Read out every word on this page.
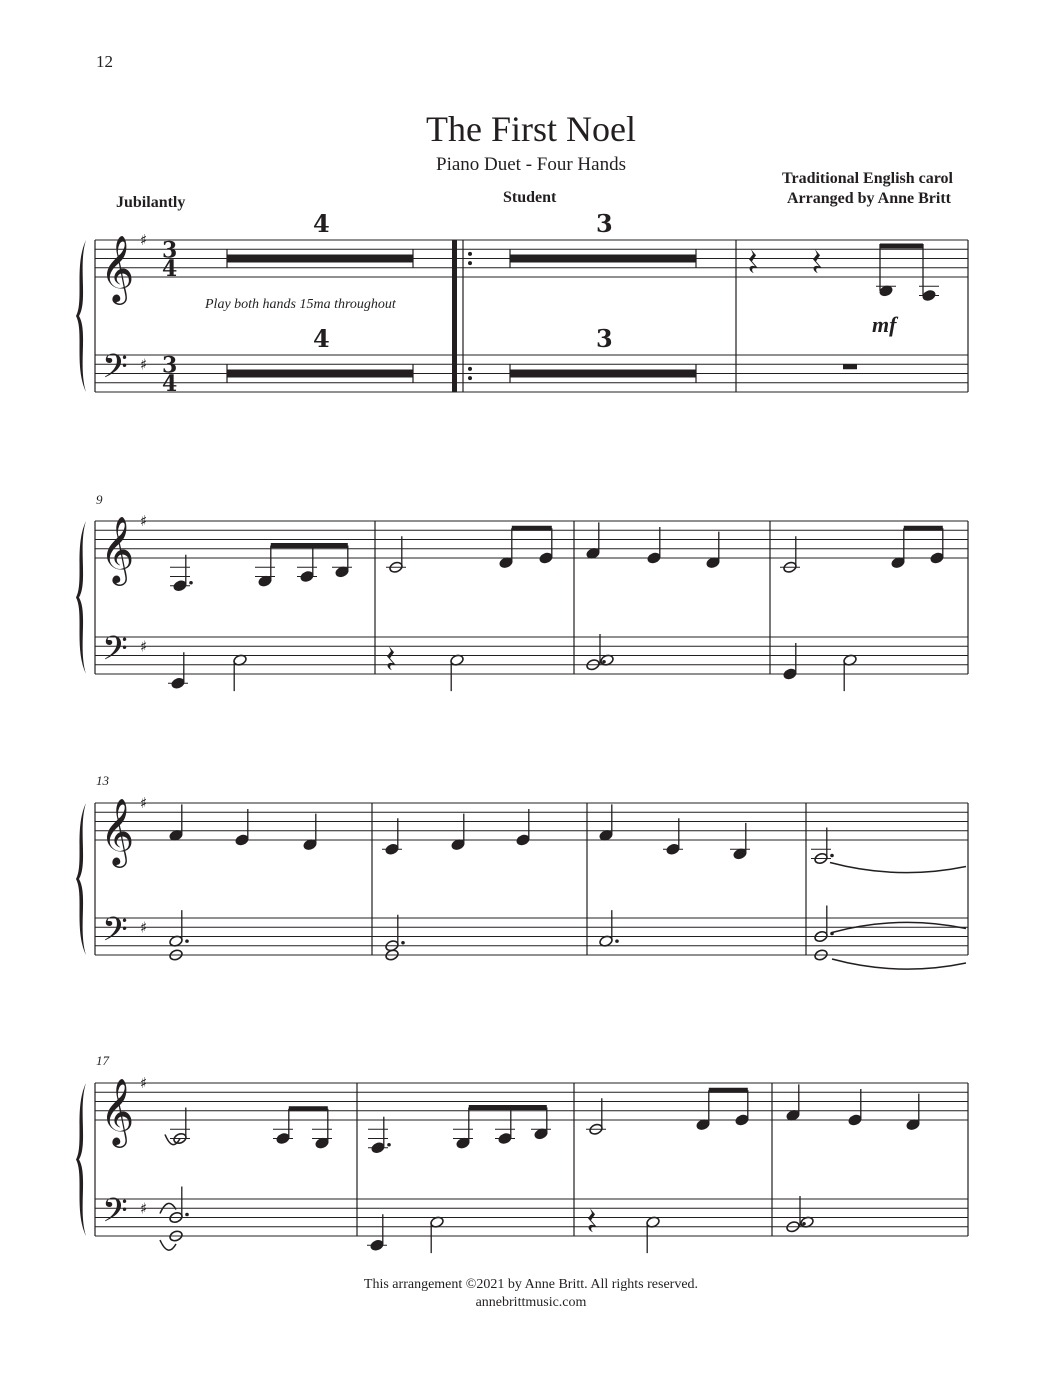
12
The First Noel
Piano Duet - Four Hands
Traditional English carol
Arranged by Anne Britt
Jubilantly	Student
Play both hands 15ma throughout
𝄞
𝄢
♯
♯
3
4
3
4
4
4
3
3	mf
𝄞
𝄢
♯
♯
9
𝄞
𝄢
♯
♯
13
𝄞
𝄢
♯
♯
17
This arrangement ©2021 by Anne Britt. All rights reserved.
annebrittmusic.com
